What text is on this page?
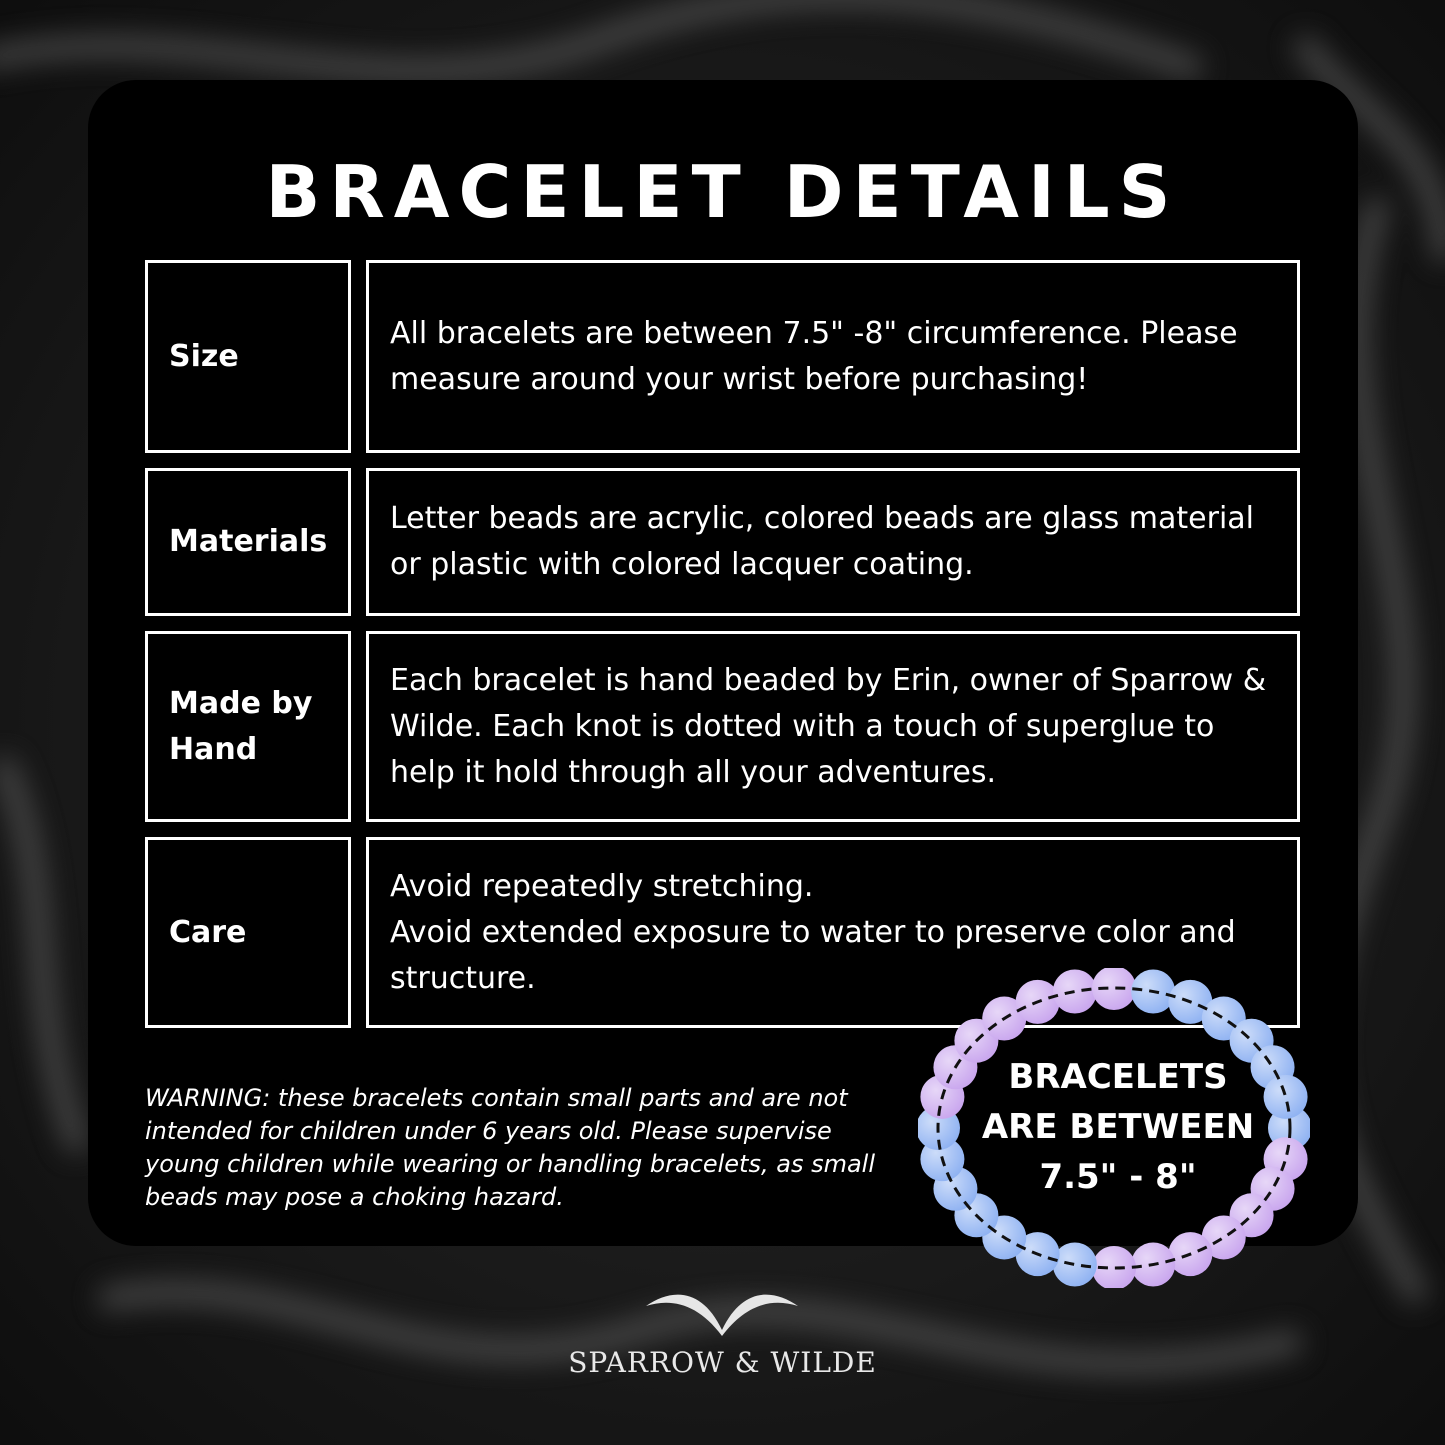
BRACELET DETAILS
Size
All bracelets are between 7.5" -8" circumference. Please measure around your wrist before purchasing!
Materials
Letter beads are acrylic, colored beads are glass material or plastic with colored lacquer coating.
Made by Hand
Each bracelet is hand beaded by Erin, owner of Sparrow & Wilde. Each knot is dotted with a touch of superglue to help it hold through all your adventures.
Care
Avoid repeatedly stretching.
Avoid extended exposure to water to preserve color and structure.
WARNING: these bracelets contain small parts and are not intended for children under 6 years old. Please supervise young children while wearing or handling bracelets, as small beads may pose a choking hazard.
BRACELETS
ARE BETWEEN
7.5" - 8"
SPARROW & WILDE
